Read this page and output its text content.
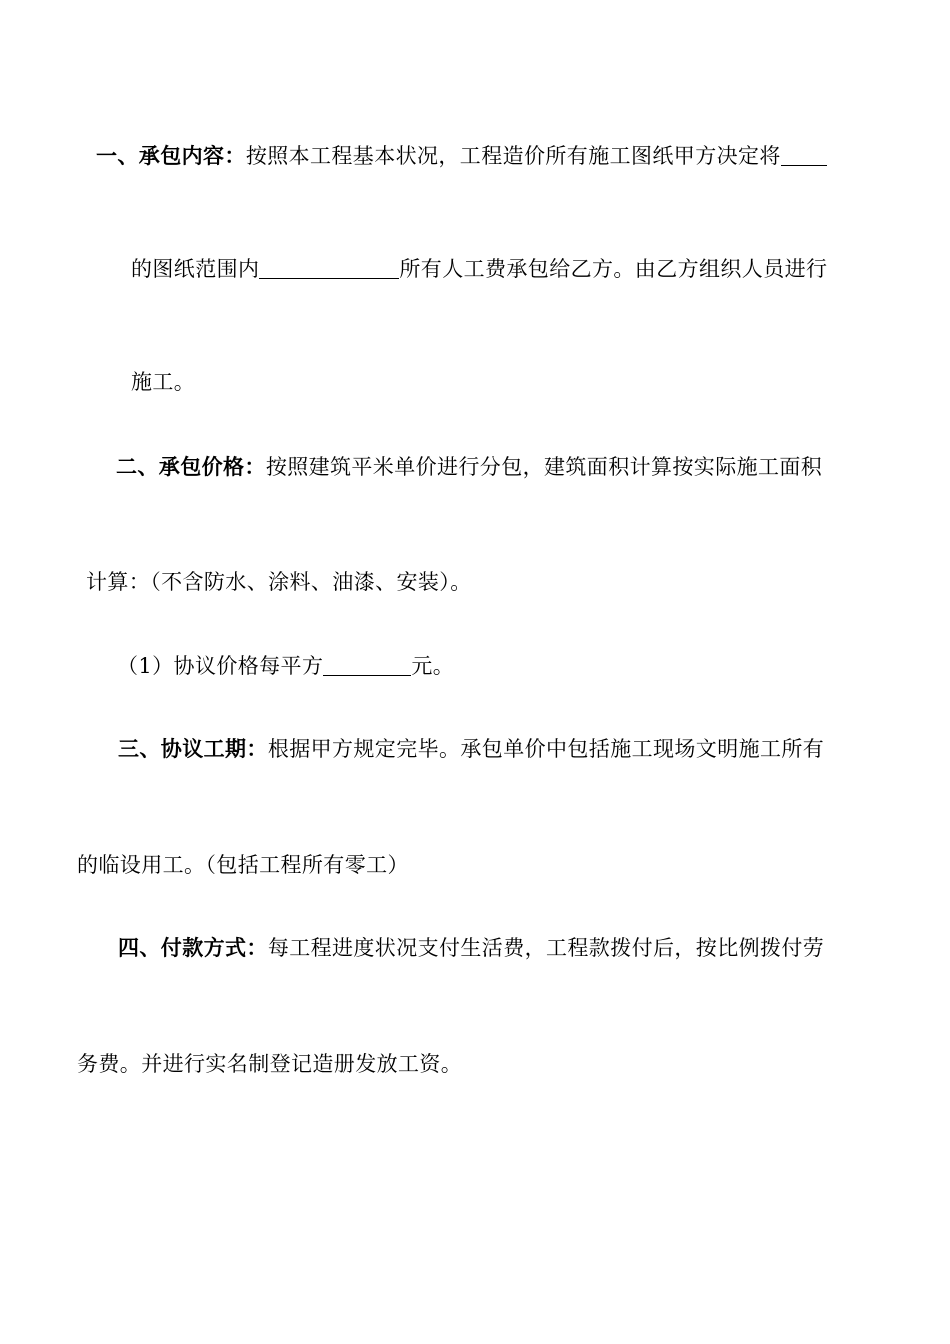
一、承包内容：按照本工程基本状况，工程造价所有施工图纸甲方决定将
的图纸范围内	所有人工费承包给乙方。由乙方组织人员进行
施工。
二、承包价格：按照建筑平米单价进行分包，建筑面积计算按实际施工面积
计算：（不含防水、涂料、油漆、安装）。
（1）协议价格每平方	元。
三、协议工期：根据甲方规定完毕。承包单价中包括施工现场文明施工所有
的临设用工。（包括工程所有零工）
四、付款方式：每工程进度状况支付生活费，工程款拨付后，按比例拨付劳
务费。并进行实名制登记造册发放工资。
